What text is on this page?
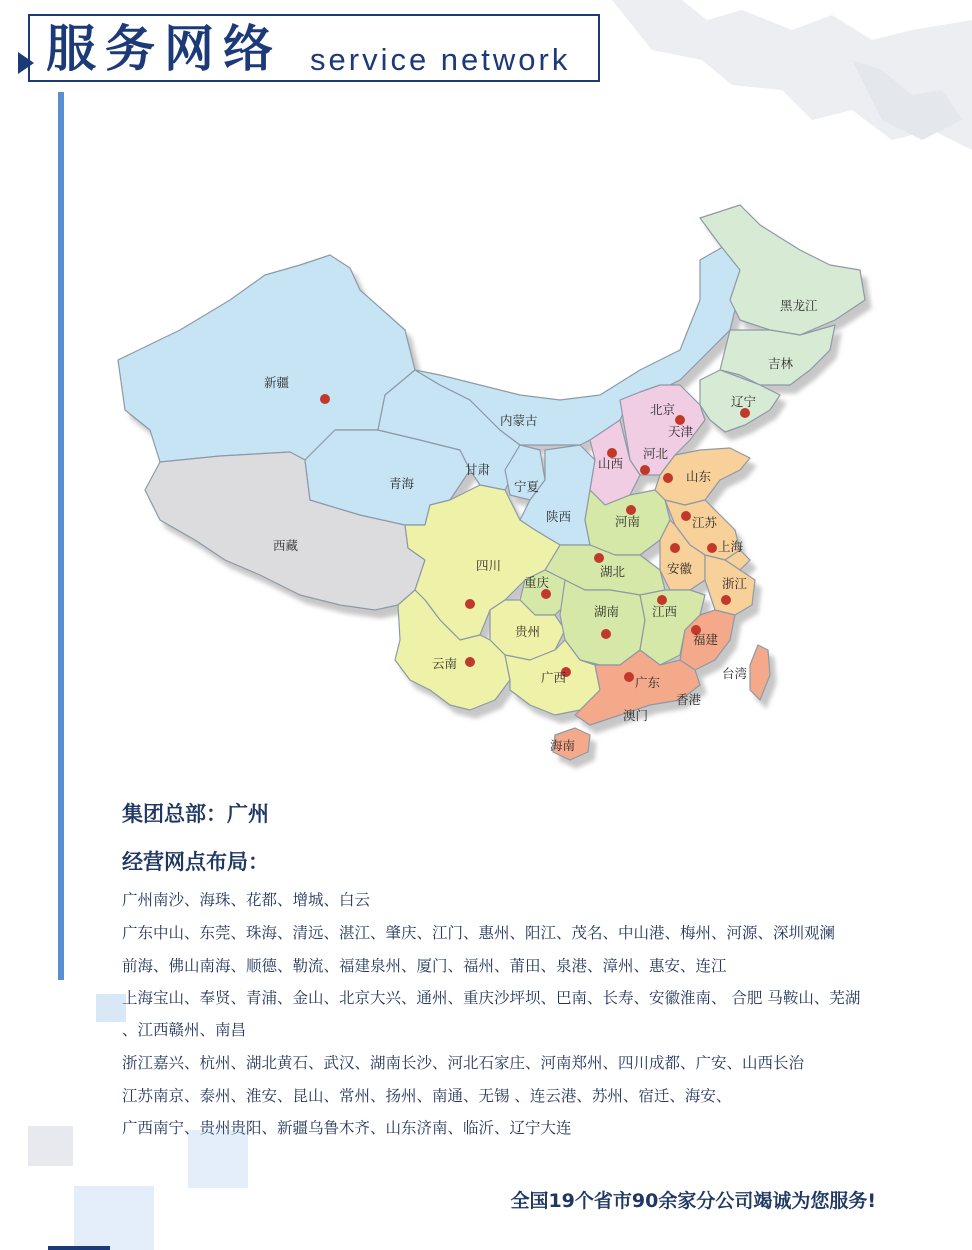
服务网络 service network
新疆
西藏
青海
甘肃
内蒙古
宁夏
陕西
黑龙江
吉林
辽宁
北京
天津
河北
山西
山东
河南	江苏
上海
安徽
浙江
湖北
四川
重庆
贵州
云南
湖南	江西
福建
广西	广东
香港
澳门
台湾
海南
集团总部：广州
经营网点布局：
广州南沙、海珠、花都、增城、白云
广东中山、东莞、珠海、清远、湛江、肇庆、江门、惠州、阳江、茂名、中山港、梅州、河源、深圳观澜
前海、佛山南海、顺德、勒流、福建泉州、厦门、福州、莆田、泉港、漳州、惠安、连江
上海宝山、奉贤、青浦、金山、北京大兴、通州、重庆沙坪坝、巴南、长寿、安徽淮南、 合肥 马鞍山、芜湖
、江西赣州、南昌
浙江嘉兴、杭州、湖北黄石、武汉、湖南长沙、河北石家庄、河南郑州、四川成都、广安、山西长治
江苏南京、泰州、淮安、昆山、常州、扬州、南通、无锡 、连云港、苏州、宿迁、海安、
广西南宁、贵州贵阳、新疆乌鲁木齐、山东济南、临沂、辽宁大连
全国19个省市90余家分公司竭诚为您服务!
